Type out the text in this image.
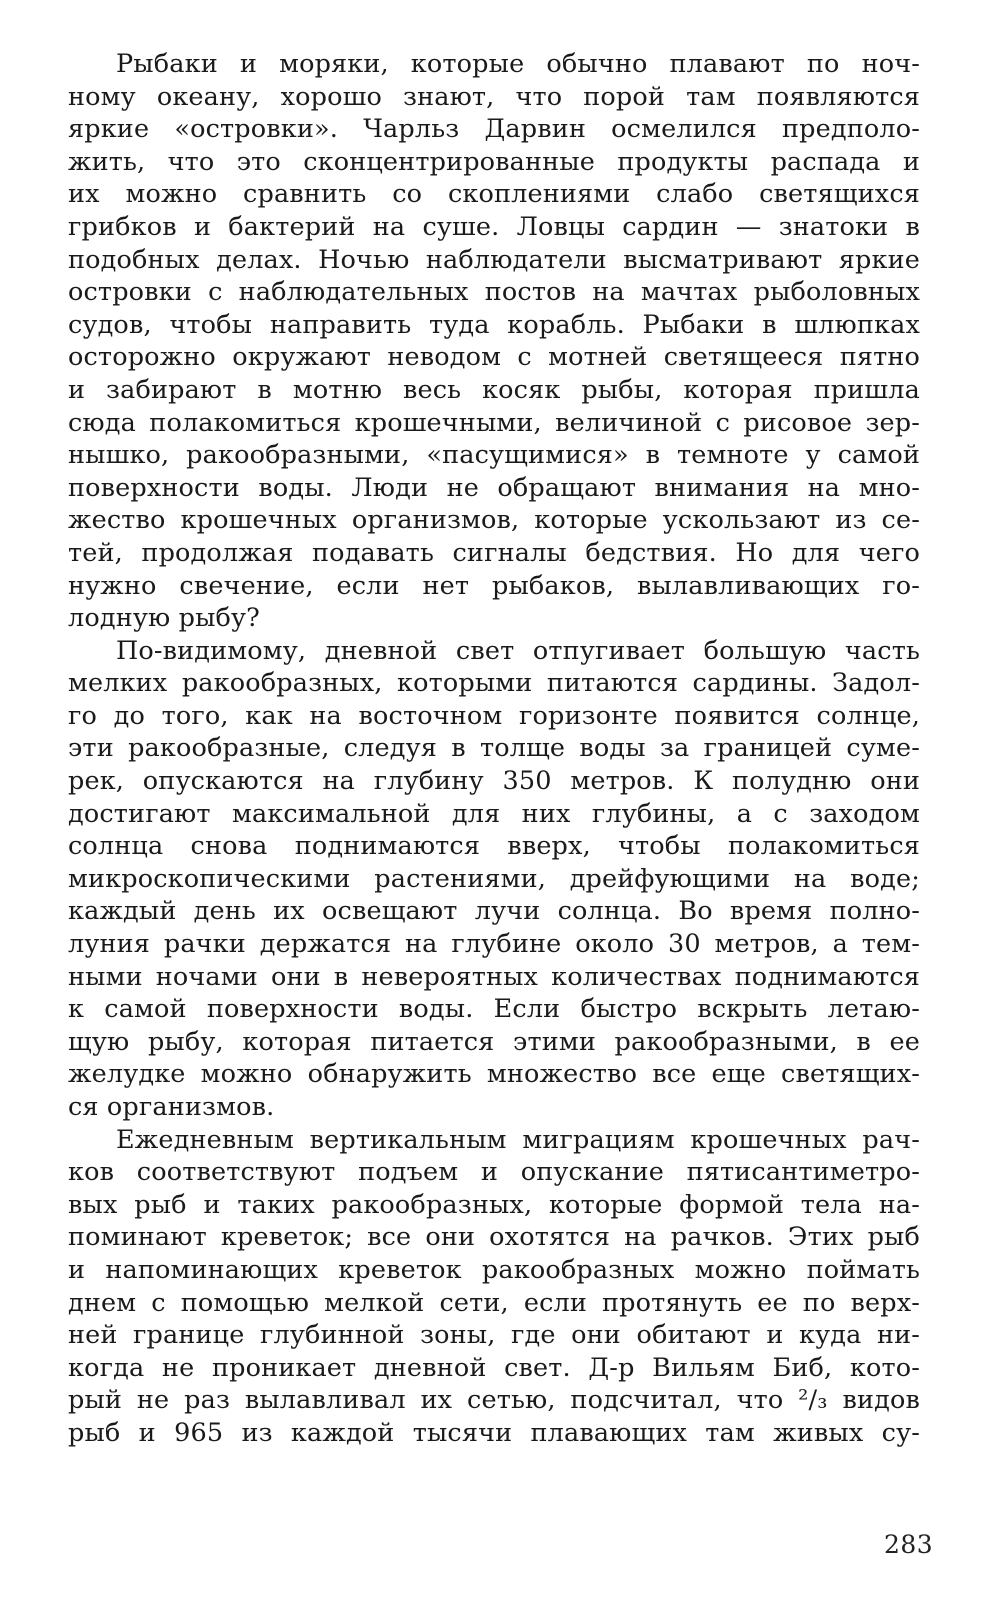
Рыбаки и моряки, которые обычно плавают по ноч-
ному океану, хорошо знают, что порой там появляются
яркие «островки». Чарльз Дарвин осмелился предполо-
жить, что это сконцентрированные продукты распада и
их можно сравнить со скоплениями слабо светящихся
грибков и бактерий на суше. Ловцы сардин — знатоки в
подобных делах. Ночью наблюдатели высматривают яркие
островки с наблюдательных постов на мачтах рыболовных
судов, чтобы направить туда корабль. Рыбаки в шлюпках
осторожно окружают неводом с мотней светящееся пятно
и забирают в мотню весь косяк рыбы, которая пришла
сюда полакомиться крошечными, величиной с рисовое зер-
нышко, ракообразными, «пасущимися» в темноте у самой
поверхности воды. Люди не обращают внимания на мно-
жество крошечных организмов, которые ускользают из се-
тей, продолжая подавать сигналы бедствия. Но для чего
нужно свечение, если нет рыбаков, вылавливающих го-
лодную рыбу?
По-видимому, дневной свет отпугивает большую часть
мелких ракообразных, которыми питаются сардины. Задол-
го до того, как на восточном горизонте появится солнце,
эти ракообразные, следуя в толще воды за границей суме-
рек, опускаются на глубину 350 метров. К полудню они
достигают максимальной для них глубины, а с заходом
солнца снова поднимаются вверх, чтобы полакомиться
микроскопическими растениями, дрейфующими на воде;
каждый день их освещают лучи солнца. Во время полно-
луния рачки держатся на глубине около 30 метров, а тем-
ными ночами они в невероятных количествах поднимаются
к самой поверхности воды. Если быстро вскрыть летаю-
щую рыбу, которая питается этими ракообразными, в ее
желудке можно обнаружить множество все еще светящих-
ся организмов.
Ежедневным вертикальным миграциям крошечных рач-
ков соответствуют подъем и опускание пятисантиметро-
вых рыб и таких ракообразных, которые формой тела на-
поминают креветок; все они охотятся на рачков. Этих рыб
и напоминающих креветок ракообразных можно поймать
днем с помощью мелкой сети, если протянуть ее по верх-
ней границе глубинной зоны, где они обитают и куда ни-
когда не проникает дневной свет. Д-р Вильям Биб, кото-
рый не раз вылавливал их сетью, подсчитал, что ²/₃ видов
рыб и 965 из каждой тысячи плавающих там живых су-
283
